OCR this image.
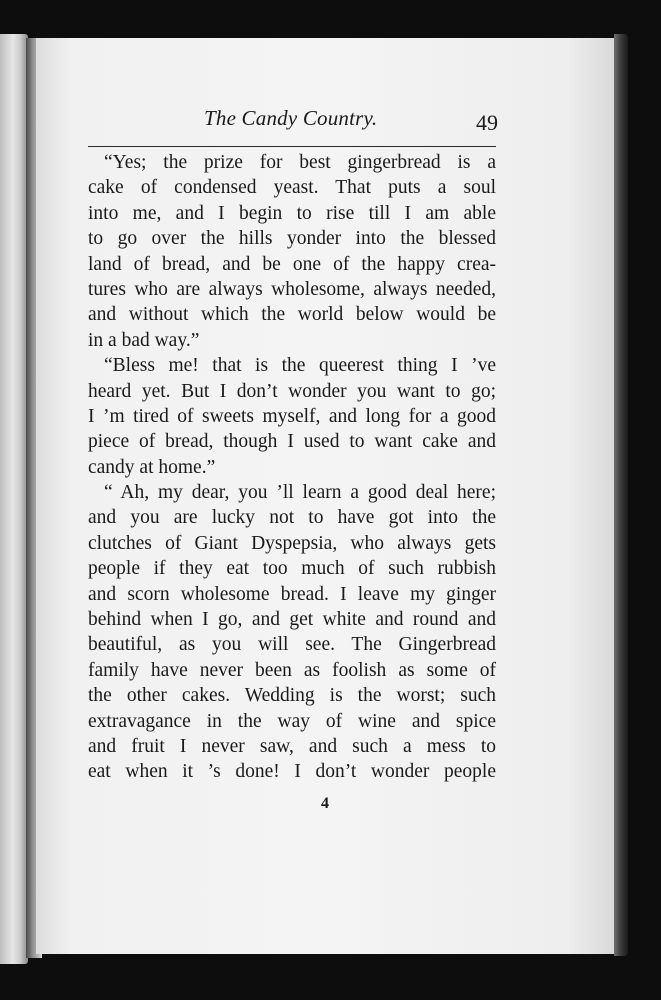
4
The Candy Country.	49
“Yes; the prize for best gingerbread is a
cake of condensed yeast. That puts a soul
into me, and I begin to rise till I am able
to go over the hills yonder into the blessed
land of bread, and be one of the happy crea-
tures who are always wholesome, always needed,
and without which the world below would be
in a bad way.”
“Bless me! that is the queerest thing I ’ve
heard yet. But I don’t wonder you want to go;
I ’m tired of sweets myself, and long for a good
piece of bread, though I used to want cake and
candy at home.”
“ Ah, my dear, you ’ll learn a good deal here;
and you are lucky not to have got into the
clutches of Giant Dyspepsia, who always gets
people if they eat too much of such rubbish
and scorn wholesome bread. I leave my ginger
behind when I go, and get white and round and
beautiful, as you will see. The Gingerbread
family have never been as foolish as some of
the other cakes. Wedding is the worst; such
extravagance in the way of wine and spice
and fruit I never saw, and such a mess to
eat when it ’s done! I don’t wonder people
